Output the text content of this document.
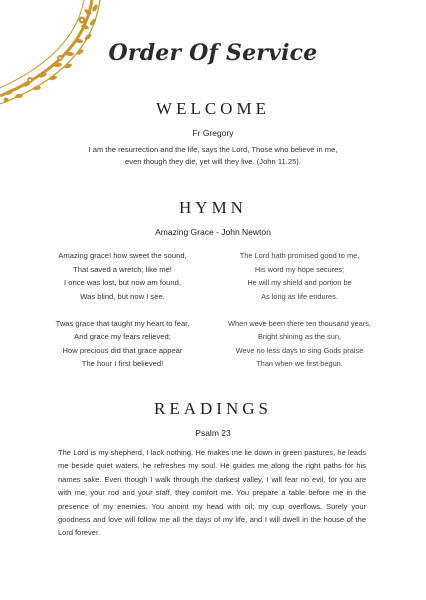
Order Of Service
WELCOME
Fr Gregory
I am the resurrection and the life, says the Lord, Those who believe in me,
even though they die, yet will they live. (John 11.25).
HYMN
Amazing Grace - John Newton
Amazing grace! how sweet the sound,
That saved a wretch; like me!
I once was lost, but now am found,
Was blind, but now I see.
Twas grace that taught my heart to fear,
And grace my fears relieved;
How precious did that grace appear
The hour I first believed!
The Lord hath promised good to me,
His word my hope secures;
He will my shield and portion be
As long as life endures.
When weve been there ten thousand years,
Bright shining as the sun,
Weve no less days to sing Gods praise
Than when we first begun.
READINGS
Psalm 23
The Lord is my shepherd, I lack nothing. He makes me lie down in green pastures, he leads me beside quiet waters, he refreshes my soul. He guides me along the right paths for his names sake. Even though I walk through the darkest valley, I will fear no evil, for you are with me; your rod and your staff, they comfort me. You prepare a table before me in the presence of my enemies. You anoint my head with oil; my cup overflows. Surely your goodness and love will follow me all the days of my life, and I will dwell in the house of the Lord forever.
